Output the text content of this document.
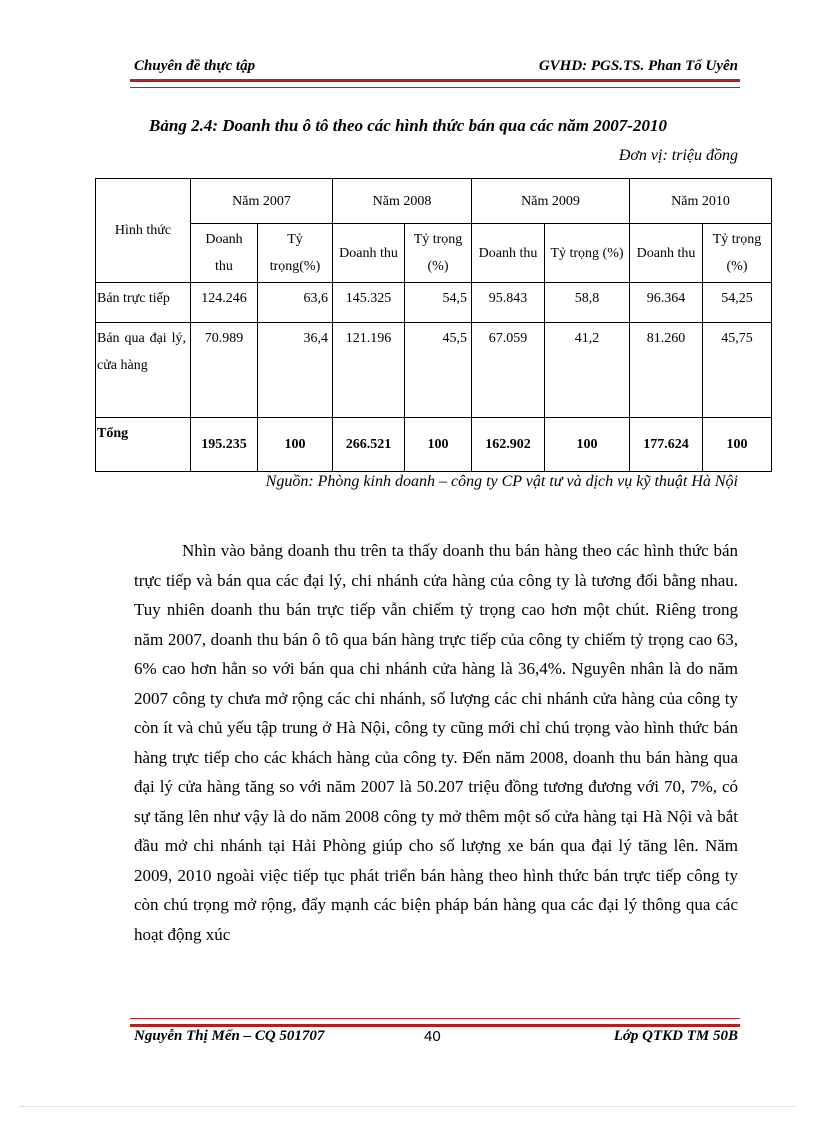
Chuyên đề thực tập	GVHD: PGS.TS. Phan Tố Uyên
Bảng 2.4: Doanh thu ô tô theo các hình thức bán qua các năm 2007-2010
Đơn vị: triệu đồng
Hình thức	Năm 2007		Năm 2008		Năm 2009		Năm 2010	
	Doanh thu	Tỷ trọng(%)	Doanh thu	Tỷ trọng (%)	Doanh thu	Tỷ trọng (%)	Doanh thu	Tỷ trọng (%)
Bán trực tiếp	124.246	63,6	145.325	54,5	95.843	58,8	96.364	54,25
Bán qua đại lý, cửa hàng	70.989	36,4	121.196	45,5	67.059	41,2	81.260	45,75
Tổng	195.235	100	266.521	100	162.902	100	177.624	100
Nguồn: Phòng kinh doanh – công ty CP vật tư và dịch vụ kỹ thuật Hà Nội

Nhìn vào bảng doanh thu trên ta thấy doanh thu bán hàng theo các hình thức bán trực tiếp và bán qua các đại lý, chi nhánh cửa hàng của công ty là tương đối bằng nhau. Tuy nhiên doanh thu bán trực tiếp vẫn chiếm tỷ trọng cao hơn một chút. Riêng trong năm 2007, doanh thu bán ô tô qua bán hàng trực tiếp của công ty chiếm tỷ trọng cao 63, 6% cao hơn hẳn so với bán qua chi nhánh cửa hàng là 36,4%. Nguyên nhân là do năm 2007 công ty chưa mở rộng các chi nhánh, số lượng các chi nhánh cửa hàng của công ty còn ít và chủ yếu tập trung ở Hà Nội, công ty cũng mới chỉ chú trọng vào hình thức bán hàng trực tiếp cho các khách hàng của công ty. Đến năm 2008, doanh thu bán hàng qua đại lý cửa hàng tăng so với năm 2007 là 50.207 triệu đồng tương đương với 70, 7%, có sự tăng lên như vậy là do năm 2008 công ty mở thêm một số cửa hàng tại Hà Nội và bắt đầu mở chi nhánh tại Hải Phòng giúp cho số lượng xe bán qua đại lý tăng lên. Năm 2009, 2010 ngoài việc tiếp tục phát triển bán hàng theo hình thức bán trực tiếp công ty còn chú trọng mở rộng, đẩy mạnh các biện pháp bán hàng qua các đại lý thông qua các hoạt động xúc

Nguyễn Thị Mến – CQ 501707	40	Lớp QTKD TM 50B
